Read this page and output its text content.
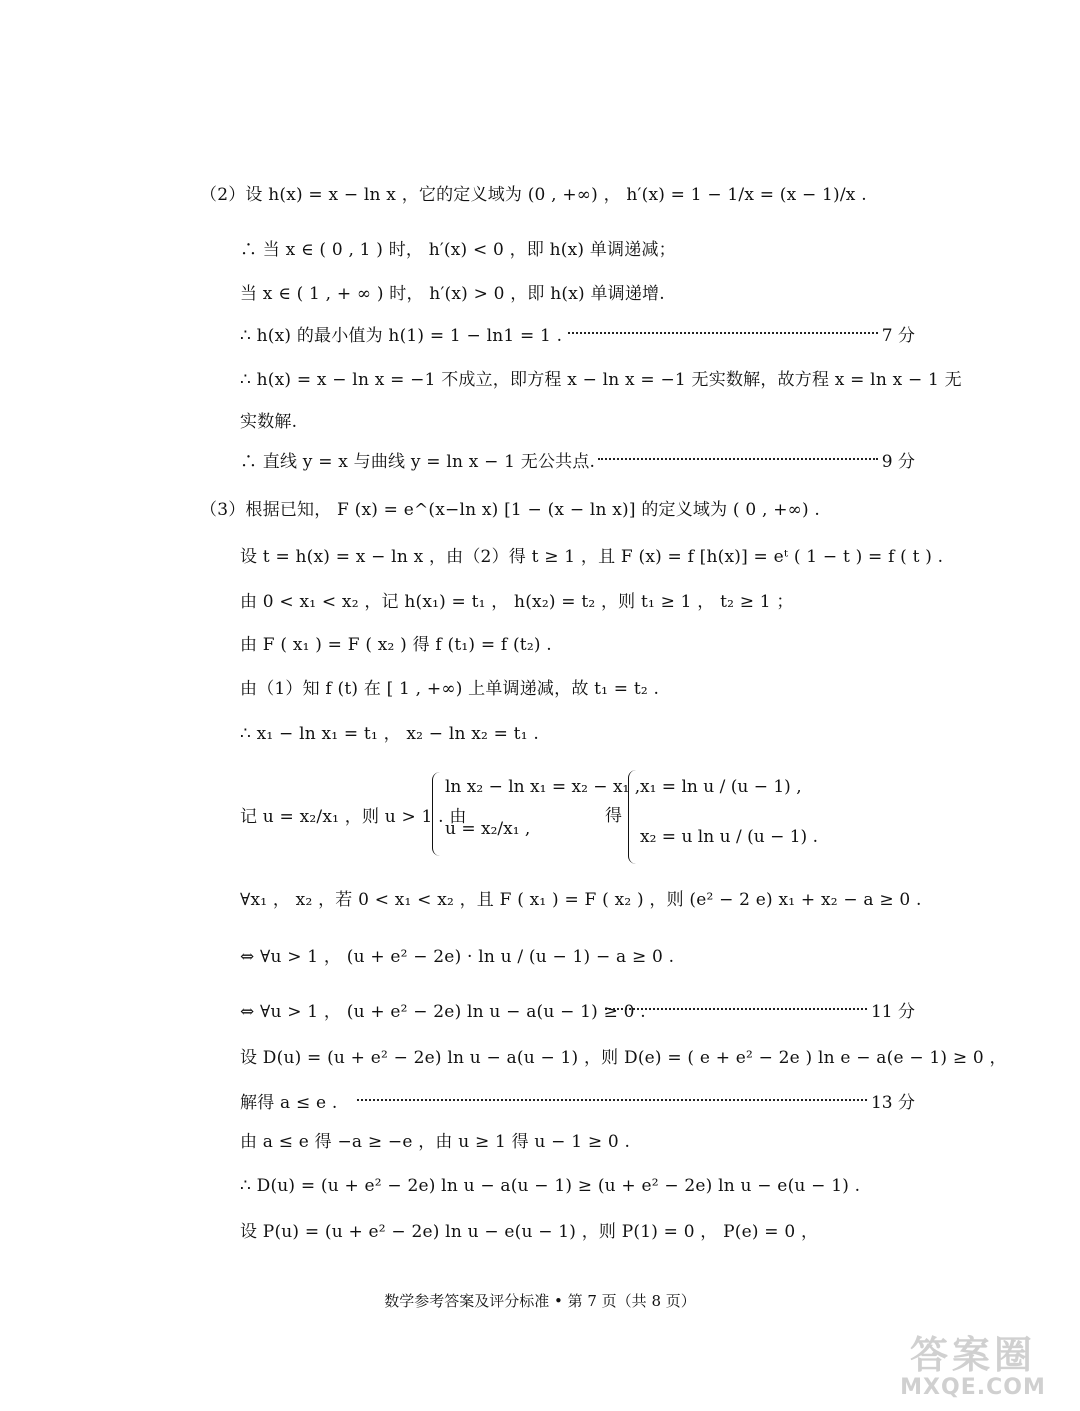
（2）设 h(x) = x − ln x ，它的定义域为 (0 , +∞) ， h′(x) = 1 − 1/x = (x − 1)/x .
∴ 当 x ∈ ( 0 , 1 ) 时， h′(x) < 0 ，即 h(x) 单调递减；
当 x ∈ ( 1 , + ∞ ) 时， h′(x) > 0 ，即 h(x) 单调递增.
∴ h(x) 的最小值为 h(1) = 1 − ln1 = 1 .	7 分
∴ h(x) = x − ln x = −1 不成立，即方程 x − ln x = −1 无实数解，故方程 x = ln x − 1 无
实数解.
∴ 直线 y = x 与曲线 y = ln x − 1 无公共点.	9 分
（3）根据已知， F (x) = e^(x−ln x) [1 − (x − ln x)] 的定义域为 ( 0 , +∞) .
设 t = h(x) = x − ln x ，由（2）得 t ≥ 1 ，且 F (x) = f [h(x)] = eᵗ ( 1 − t ) = f ( t ) .
由 0 < x₁ < x₂ ，记 h(x₁) = t₁ ， h(x₂) = t₂ ，则 t₁ ≥ 1 ， t₂ ≥ 1 ；
由 F ( x₁ ) = F ( x₂ ) 得 f (t₁) = f (t₂) .
由（1）知 f (t) 在 [ 1 , +∞) 上单调递减，故 t₁ = t₂ .
∴ x₁ − ln x₁ = t₁ ， x₂ − ln x₂ = t₁ .
记 u = x₂/x₁ ，则 u > 1 . 由
ln x₂ − ln x₁ = x₂ − x₁ ,
u = x₂/x₁ ,
得
x₁ = ln u / (u − 1) ,
x₂ = u ln u / (u − 1) .
∀x₁ ， x₂ ，若 0 < x₁ < x₂ ，且 F ( x₁ ) = F ( x₂ ) ，则 (e² − 2 e) x₁ + x₂ − a ≥ 0 .
⇔ ∀u > 1 ， (u + e² − 2e) · ln u / (u − 1) − a ≥ 0 .
⇔ ∀u > 1 ， (u + e² − 2e) ln u − a(u − 1) ≥ 0 .	11 分
设 D(u) = (u + e² − 2e) ln u − a(u − 1) ，则 D(e) = ( e + e² − 2e ) ln e − a(e − 1) ≥ 0 ，
解得 a ≤ e .	13 分
由 a ≤ e 得 −a ≥ −e ，由 u ≥ 1 得 u − 1 ≥ 0 .
∴ D(u) = (u + e² − 2e) ln u − a(u − 1) ≥ (u + e² − 2e) ln u − e(u − 1) .
设 P(u) = (u + e² − 2e) ln u − e(u − 1) ，则 P(1) = 0 ， P(e) = 0 ，
数学参考答案及评分标准 • 第 7 页（共 8 页）
答案圈
MXQE.COM
